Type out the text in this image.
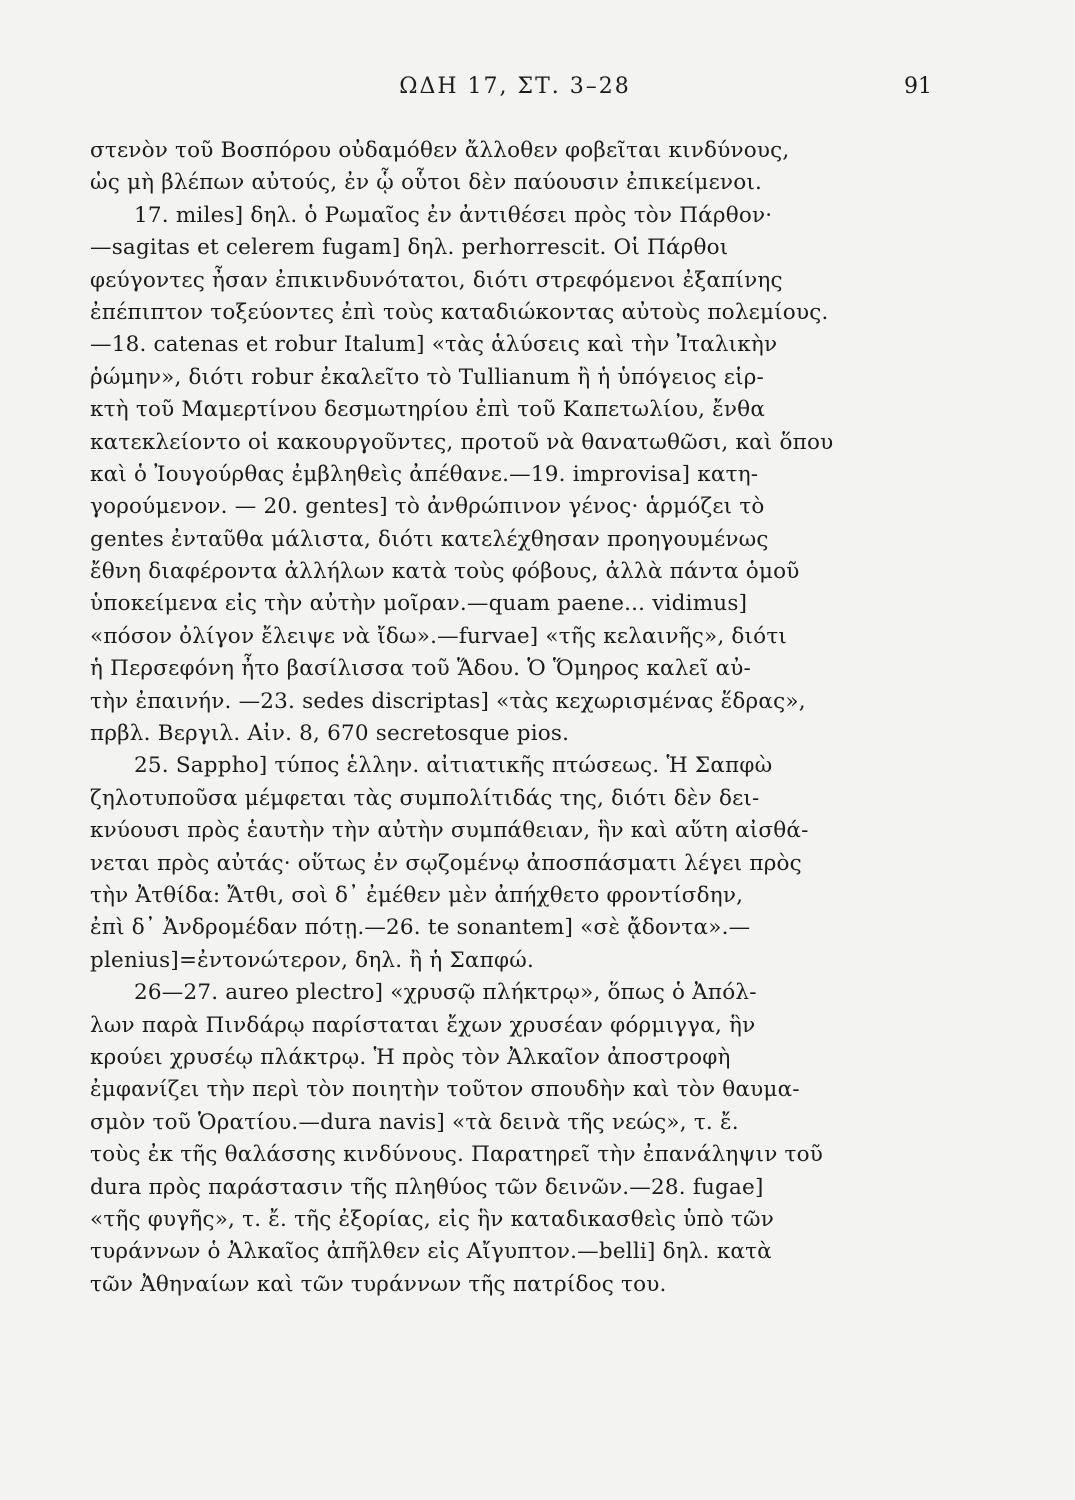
ΩΔΗ 17, ΣΤ. 3–28	91
στενὸν τοῦ Βοσπόρου οὐδαμόθεν ἄλλοθεν φοβεῖται κινδύνους,
ὡς μὴ βλέπων αὐτούς, ἐν ᾧ οὗτοι δὲν παύουσιν ἐπικείμενοι.
17. miles] δηλ. ὁ Ρωμαῖος ἐν ἀντιθέσει πρὸς τὸν Πάρθον·
—sagitas et celerem fugam] δηλ. perhorrescit. Οἱ Πάρθοι
φεύγοντες ἦσαν ἐπικινδυνότατοι, διότι στρεφόμενοι ἐξαπίνης
ἐπέπιπτον τοξεύοντες ἐπὶ τοὺς καταδιώκοντας αὐτοὺς πολεμίους.
—18. catenas et robur Italum] «τὰς ἁλύσεις καὶ τὴν Ἰταλικὴν
ῥώμην», διότι robur ἐκαλεῖτο τὸ Tullianum ἢ ἡ ὑπόγειος εἱρ-
κτὴ τοῦ Μαμερτίνου δεσμωτηρίου ἐπὶ τοῦ Καπετωλίου, ἔνθα
κατεκλείοντο οἱ κακουργοῦντες, προτοῦ νὰ θανατωθῶσι, καὶ ὅπου
καὶ ὁ Ἰουγούρθας ἐμβληθεὶς ἀπέθανε.—19. improvisa] κατη-
γορούμενον. — 20. gentes] τὸ ἀνθρώπινον γένος· ἁρμόζει τὸ
gentes ἐνταῦθα μάλιστα, διότι κατελέχθησαν προηγουμένως
ἔθνη διαφέροντα ἀλλήλων κατὰ τοὺς φόβους, ἀλλὰ πάντα ὁμοῦ
ὑποκείμενα εἰς τὴν αὐτὴν μοῖραν.—quam paene... vidimus]
«πόσον ὀλίγον ἔλειψε νὰ ἴδω».—furvae] «τῆς κελαινῆς», διότι
ἡ Περσεφόνη ἦτο βασίλισσα τοῦ Ἅδου. Ὁ Ὅμηρος καλεῖ αὐ-
τὴν ἐπαινήν. —23. sedes discriptas] «τὰς κεχωρισμένας ἕδρας»,
πρβλ. Βεργιλ. Αἰν. 8, 670 secretosque pios.
25. Sappho] τύπος ἑλλην. αἰτιατικῆς πτώσεως. Ἡ Σαπφὼ
ζηλοτυποῦσα μέμφεται τὰς συμπολίτιδάς της, διότι δὲν δει-
κνύουσι πρὸς ἑαυτὴν τὴν αὐτὴν συμπάθειαν, ἣν καὶ αὕτη αἰσθά-
νεται πρὸς αὐτάς· οὕτως ἐν σῳζομένῳ ἀποσπάσματι λέγει πρὸς
τὴν Ἀτθίδα: Ἄτθι, σοὶ δ᾽ ἐμέθεν μὲν ἀπήχθετο φροντίσδην,
ἐπὶ δ᾽ Ἀνδρομέδαν πότῃ.—26. te sonantem] «σὲ ᾄδοντα».—
plenius]=ἐντονώτερον, δηλ. ἢ ἡ Σαπφώ.
26—27. aureo plectro] «χρυσῷ πλήκτρῳ», ὅπως ὁ Ἀπόλ-
λων παρὰ Πινδάρῳ παρίσταται ἔχων χρυσέαν φόρμιγγα, ἣν
κρούει χρυσέῳ πλάκτρῳ. Ἡ πρὸς τὸν Ἀλκαῖον ἀποστροφὴ
ἐμφανίζει τὴν περὶ τὸν ποιητὴν τοῦτον σπουδὴν καὶ τὸν θαυμα-
σμὸν τοῦ Ὁρατίου.—dura navis] «τὰ δεινὰ τῆς νεώς», τ. ἔ.
τοὺς ἐκ τῆς θαλάσσης κινδύνους. Παρατηρεῖ τὴν ἐπανάληψιν τοῦ
dura πρὸς παράστασιν τῆς πληθύος τῶν δεινῶν.—28. fugae]
«τῆς φυγῆς», τ. ἔ. τῆς ἐξορίας, εἰς ἣν καταδικασθεὶς ὑπὸ τῶν
τυράννων ὁ Ἀλκαῖος ἀπῆλθεν εἰς Αἴγυπτον.—belli] δηλ. κατὰ
τῶν Ἀθηναίων καὶ τῶν τυράννων τῆς πατρίδος του.
